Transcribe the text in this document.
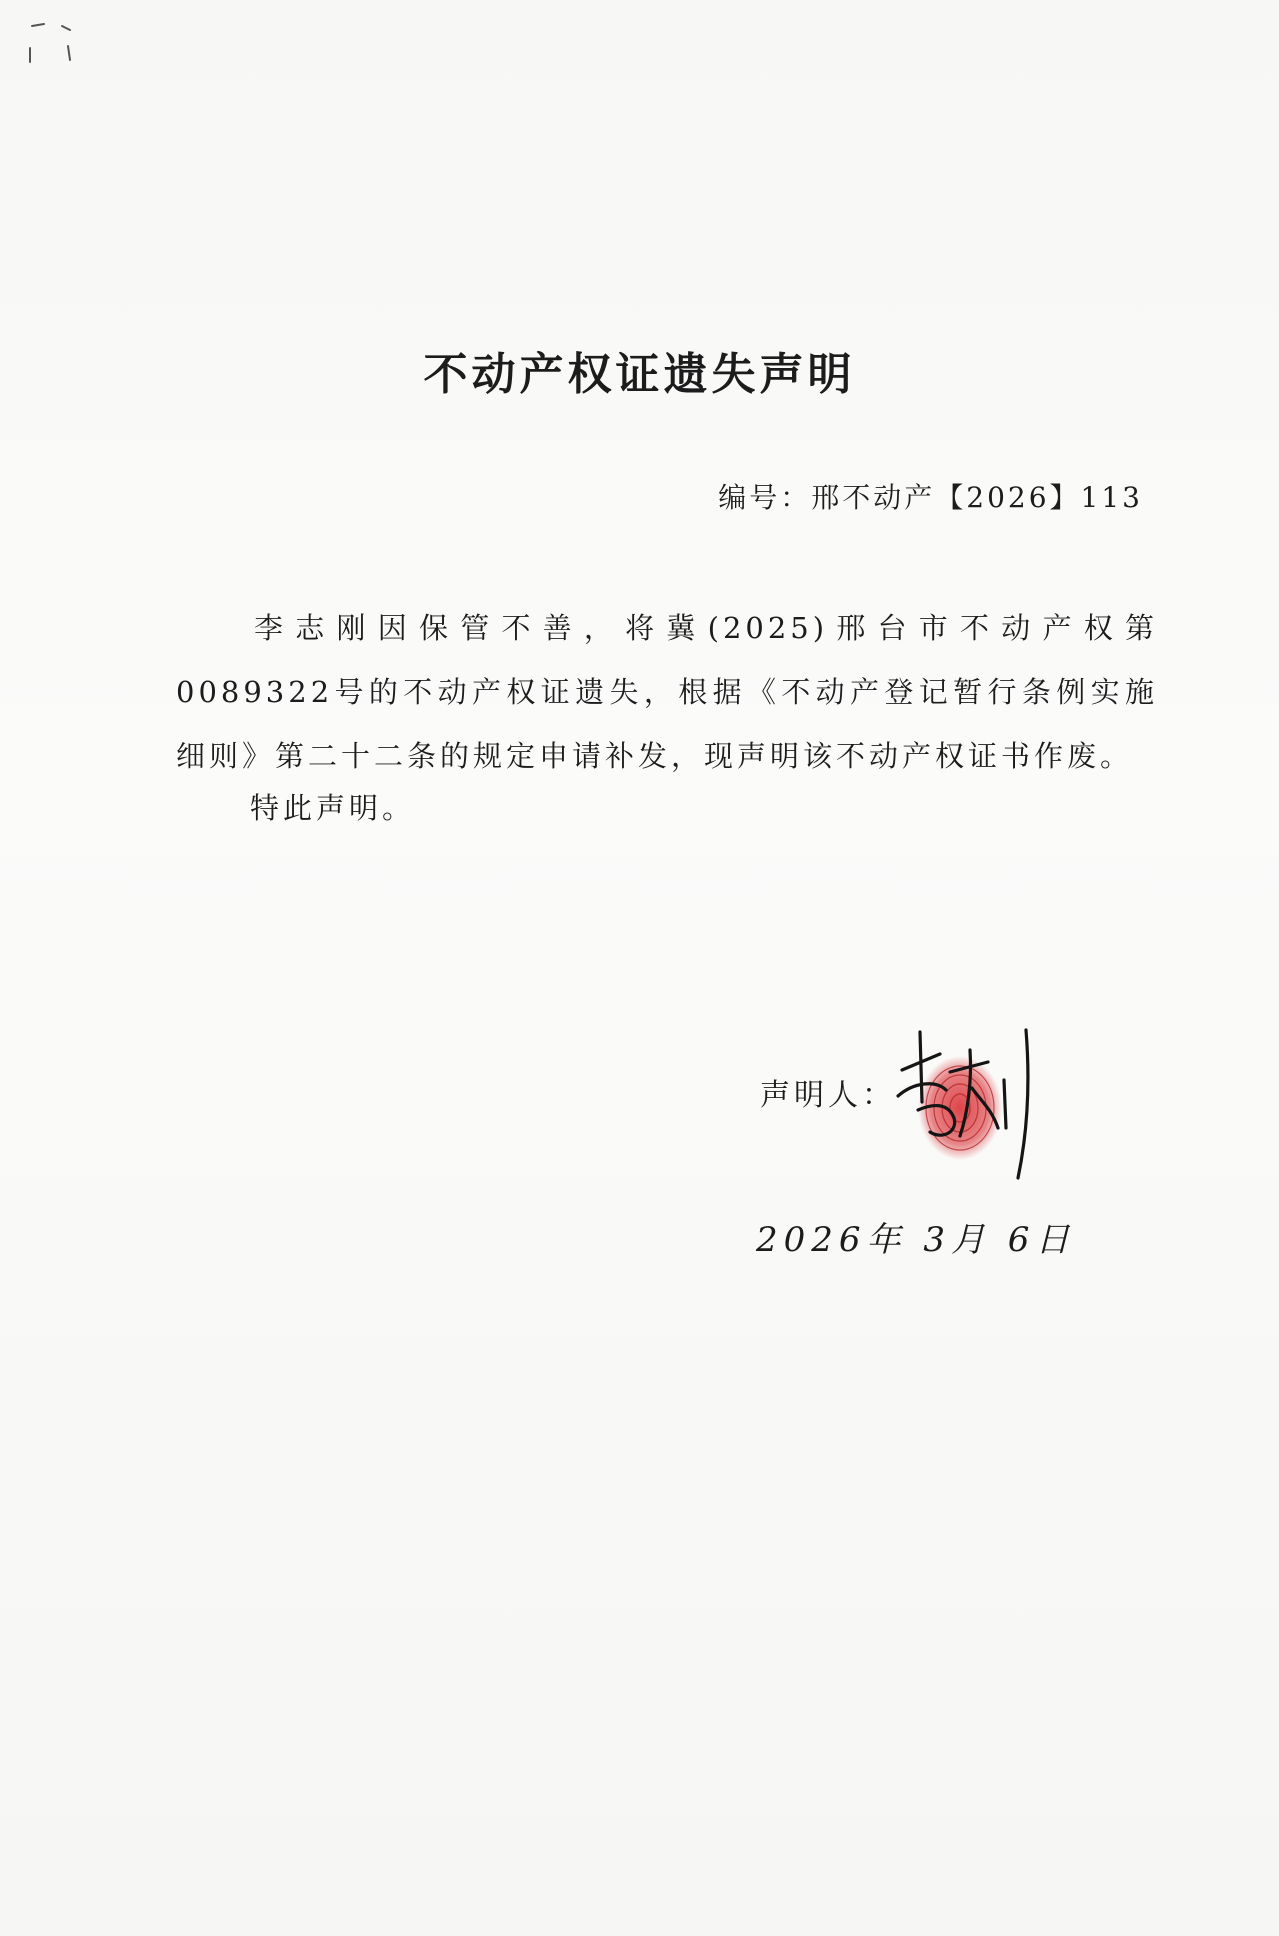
不动产权证遗失声明
编号：邢不动产【2026】113
李志刚因保管不善，将冀(2025)邢台市不动产权第0089322号的不动产权证遗失，根据《不动产登记暂行条例实施细则》第二十二条的规定申请补发，现声明该不动产权证书作废。
特此声明。
声明人：
2026年 3月 6日
